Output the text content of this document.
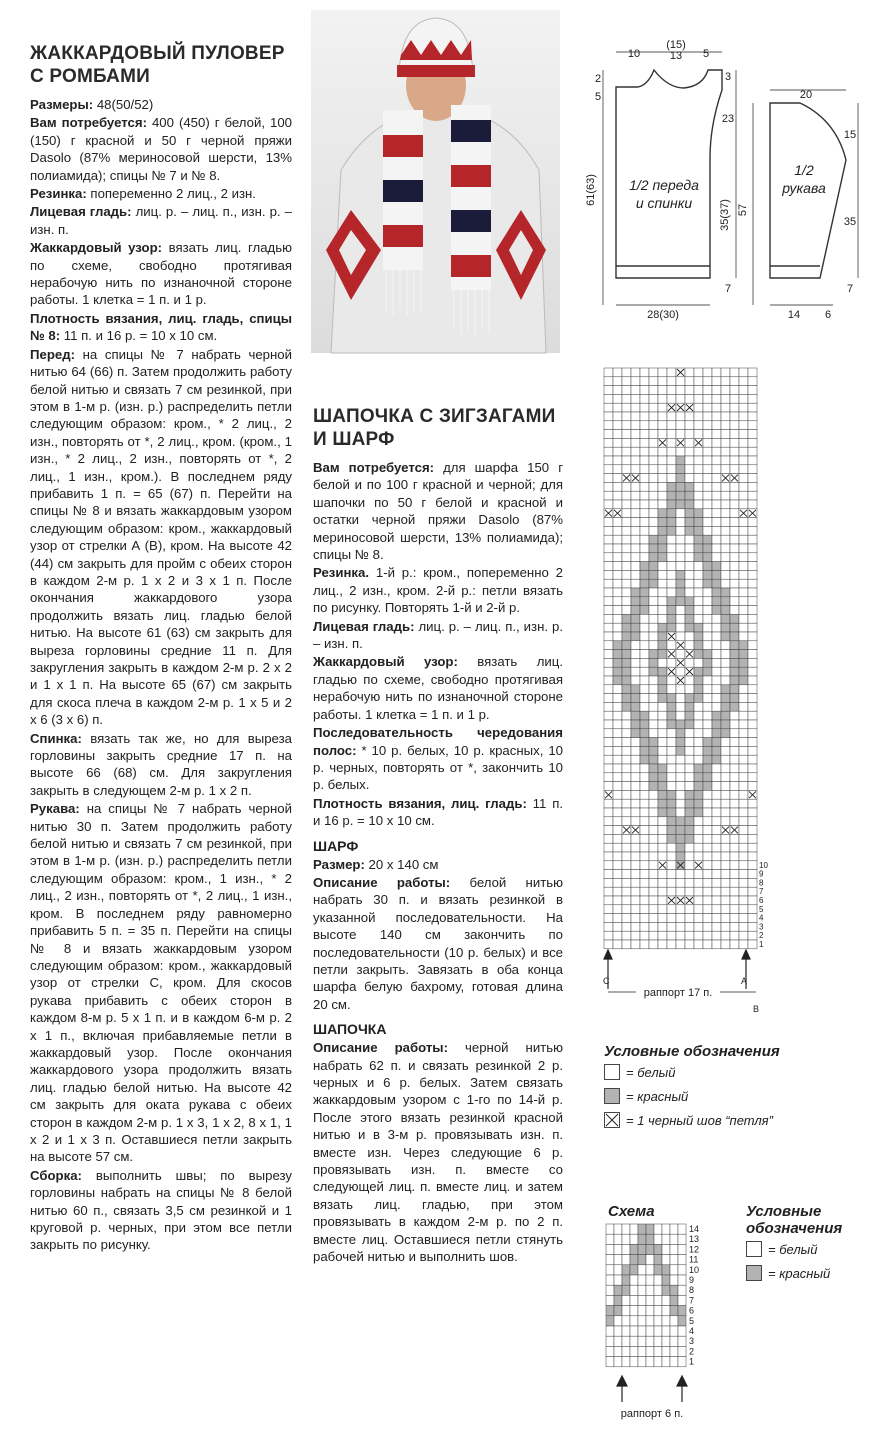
ЖАККАРДОВЫЙ ПУЛОВЕР
С РОМБАМИ

Размеры: 48(50/52)

Вам потребуется: 400 (450) г белой, 100 (150) г красной и 50 г черной пряжи Dasolo (87% мериносовой шерсти, 13% полиамида); спицы № 7 и № 8.

Резинка: попеременно 2 лиц., 2 изн.

Лицевая гладь: лиц. р. – лиц. п., изн. р. – изн. п.

Жаккардовый узор: вязать лиц. гладью по схеме, свободно протягивая нерабочую нить по изнаночной стороне работы. 1 клетка = 1 п. и 1 р.

Плотность вязания, лиц. гладь, спицы № 8: 11 п. и 16 р. = 10 х 10 см.

Перед: на спицы № 7 набрать черной нитью 64 (66) п. Затем продолжить работу белой нитью и связать 7 см резинкой, при этом в 1-м р. (изн. р.) распределить петли следующим образом: кром., * 2 лиц., 2 изн., повторять от *, 2 лиц., кром. (кром., 1 изн., * 2 лиц., 2 изн., повторять от *, 2 лиц., 1 изн., кром.). В последнем ряду прибавить 1 п. = 65 (67) п. Перейти на спицы № 8 и вязать жаккардовым узором следующим образом: кром., жаккардовый узор от стрелки А (В), кром. На высоте 42 (44) см закрыть для пройм с обеих сторон в каждом 2-м р. 1 х 2 и 3 х 1 п. После окончания жаккардового узора продолжить вязать лиц. гладью белой нитью. На высоте 61 (63) см закрыть для выреза горловины средние 11 п. Для закругления закрыть в каждом 2-м р. 2 х 2 и 1 х 1 п. На высоте 65 (67) см закрыть для скоса плеча в каждом 2-м р. 1 х 5 и 2 х 6 (3 х 6) п.

Спинка: вязать так же, но для выреза горловины закрыть средние 17 п. на высоте 66 (68) см. Для закругления закрыть в следующем 2-м р. 1 х 2 п.

Рукава: на спицы № 7 набрать черной нитью 30 п. Затем продолжить работу белой нитью и связать 7 см резинкой, при этом в 1-м р. (изн. р.) распределить петли следующим образом: кром., 1 изн., * 2 лиц., 2 изн., повторять от *, 2 лиц., 1 изн., кром. В последнем ряду равномерно прибавить 5 п. = 35 п. Перейти на спицы № 8 и вязать жаккардовым узором следующим образом: кром., жаккардовый узор от стрелки С, кром. Для скосов рукава прибавить с обеих сторон в каждом 8-м р. 5 х 1 п. и в каждом 6-м р. 2 х 1 п., включая прибавляемые петли в жаккардовый узор. После окончания жаккардового узора продолжить вязать лиц. гладью белой нитью. На высоте 42 см закрыть для оката рукава с обеих сторон в каждом 2-м р. 1 х 3, 1 х 2, 8 х 1, 1 х 2 и 1 х 3 п. Оставшиеся петли закрыть на высоте 57 см.

Сборка: выполнить швы; по вырезу горловины набрать на спицы № 8 белой нитью 60 п., связать 3,5 см резинкой и 1 круговой р. черных, при этом все петли закрыть по рисунку.

ШАПОЧКА С ЗИГЗАГАМИ
И ШАРФ

Вам потребуется: для шарфа 150 г белой и по 100 г красной и черной; для шапочки по 50 г белой и красной и остатки черной пряжи Dasolo (87% мериносовой шерсти, 13% полиамида); спицы № 8.

Резинка. 1-й р.: кром., попеременно 2 лиц., 2 изн., кром. 2-й р.: петли вязать по рисунку. Повторять 1-й и 2-й р.

Лицевая гладь: лиц. р. – лиц. п., изн. р. – изн. п.

Жаккардовый узор: вязать лиц. гладью по схеме, свободно протягивая нерабочую нить по изнаночной стороне работы. 1 клетка = 1 п. и 1 р.

Последовательность чередования полос: * 10 р. белых, 10 р. красных, 10 р. черных, повторять от *, закончить 10 р. белых.

Плотность вязания, лиц. гладь: 11 п. и 16 р. = 10 х 10 см.

ШАРФ

Размер: 20 х 140 см

Описание работы: белой нитью набрать 30 п. и вязать резинкой в указанной последовательности. На высоте 140 см закончить по последовательности (10 р. белых) и все петли закрыть. Завязать в оба конца шарфа белую бахрому, готовая длина 20 см.

ШАПОЧКА

Описание работы: черной нитью набрать 62 п. и связать резинкой 2 р. черных и 6 р. белых. Затем связать жаккардовым узором с 1-го по 14-й р. После этого вязать резинкой красной нитью и в 3-м р. провязывать изн. п. вместе изн. Через следующие 6 р. провязывать изн. п. вместе со следующей лиц. п. вместе лиц. и затем вязать лиц. гладью, при этом провязывать в каждом 2-м р. по 2 п. вместе лиц. Оставшиеся петли стянуть рабочей нитью и выполнить шов.

10
(15)
13 5
2
5
3
23
61(63)
35(37)
7
28(30)
20
15
57
35
7
14 6
1/2 переда
и спинки
1/2
рукава
10
9
8
7
6
5
4
3
2
1
C	A
B
раппорт 17 п.
Условные обозначения
= белый
= красный
= 1 черный шов “петля”
Схема
14
13
12
11
10
9
8
7
6
5
4
3
2
1
раппорт 6 п.
Условные
обозначения
= белый
= красный
